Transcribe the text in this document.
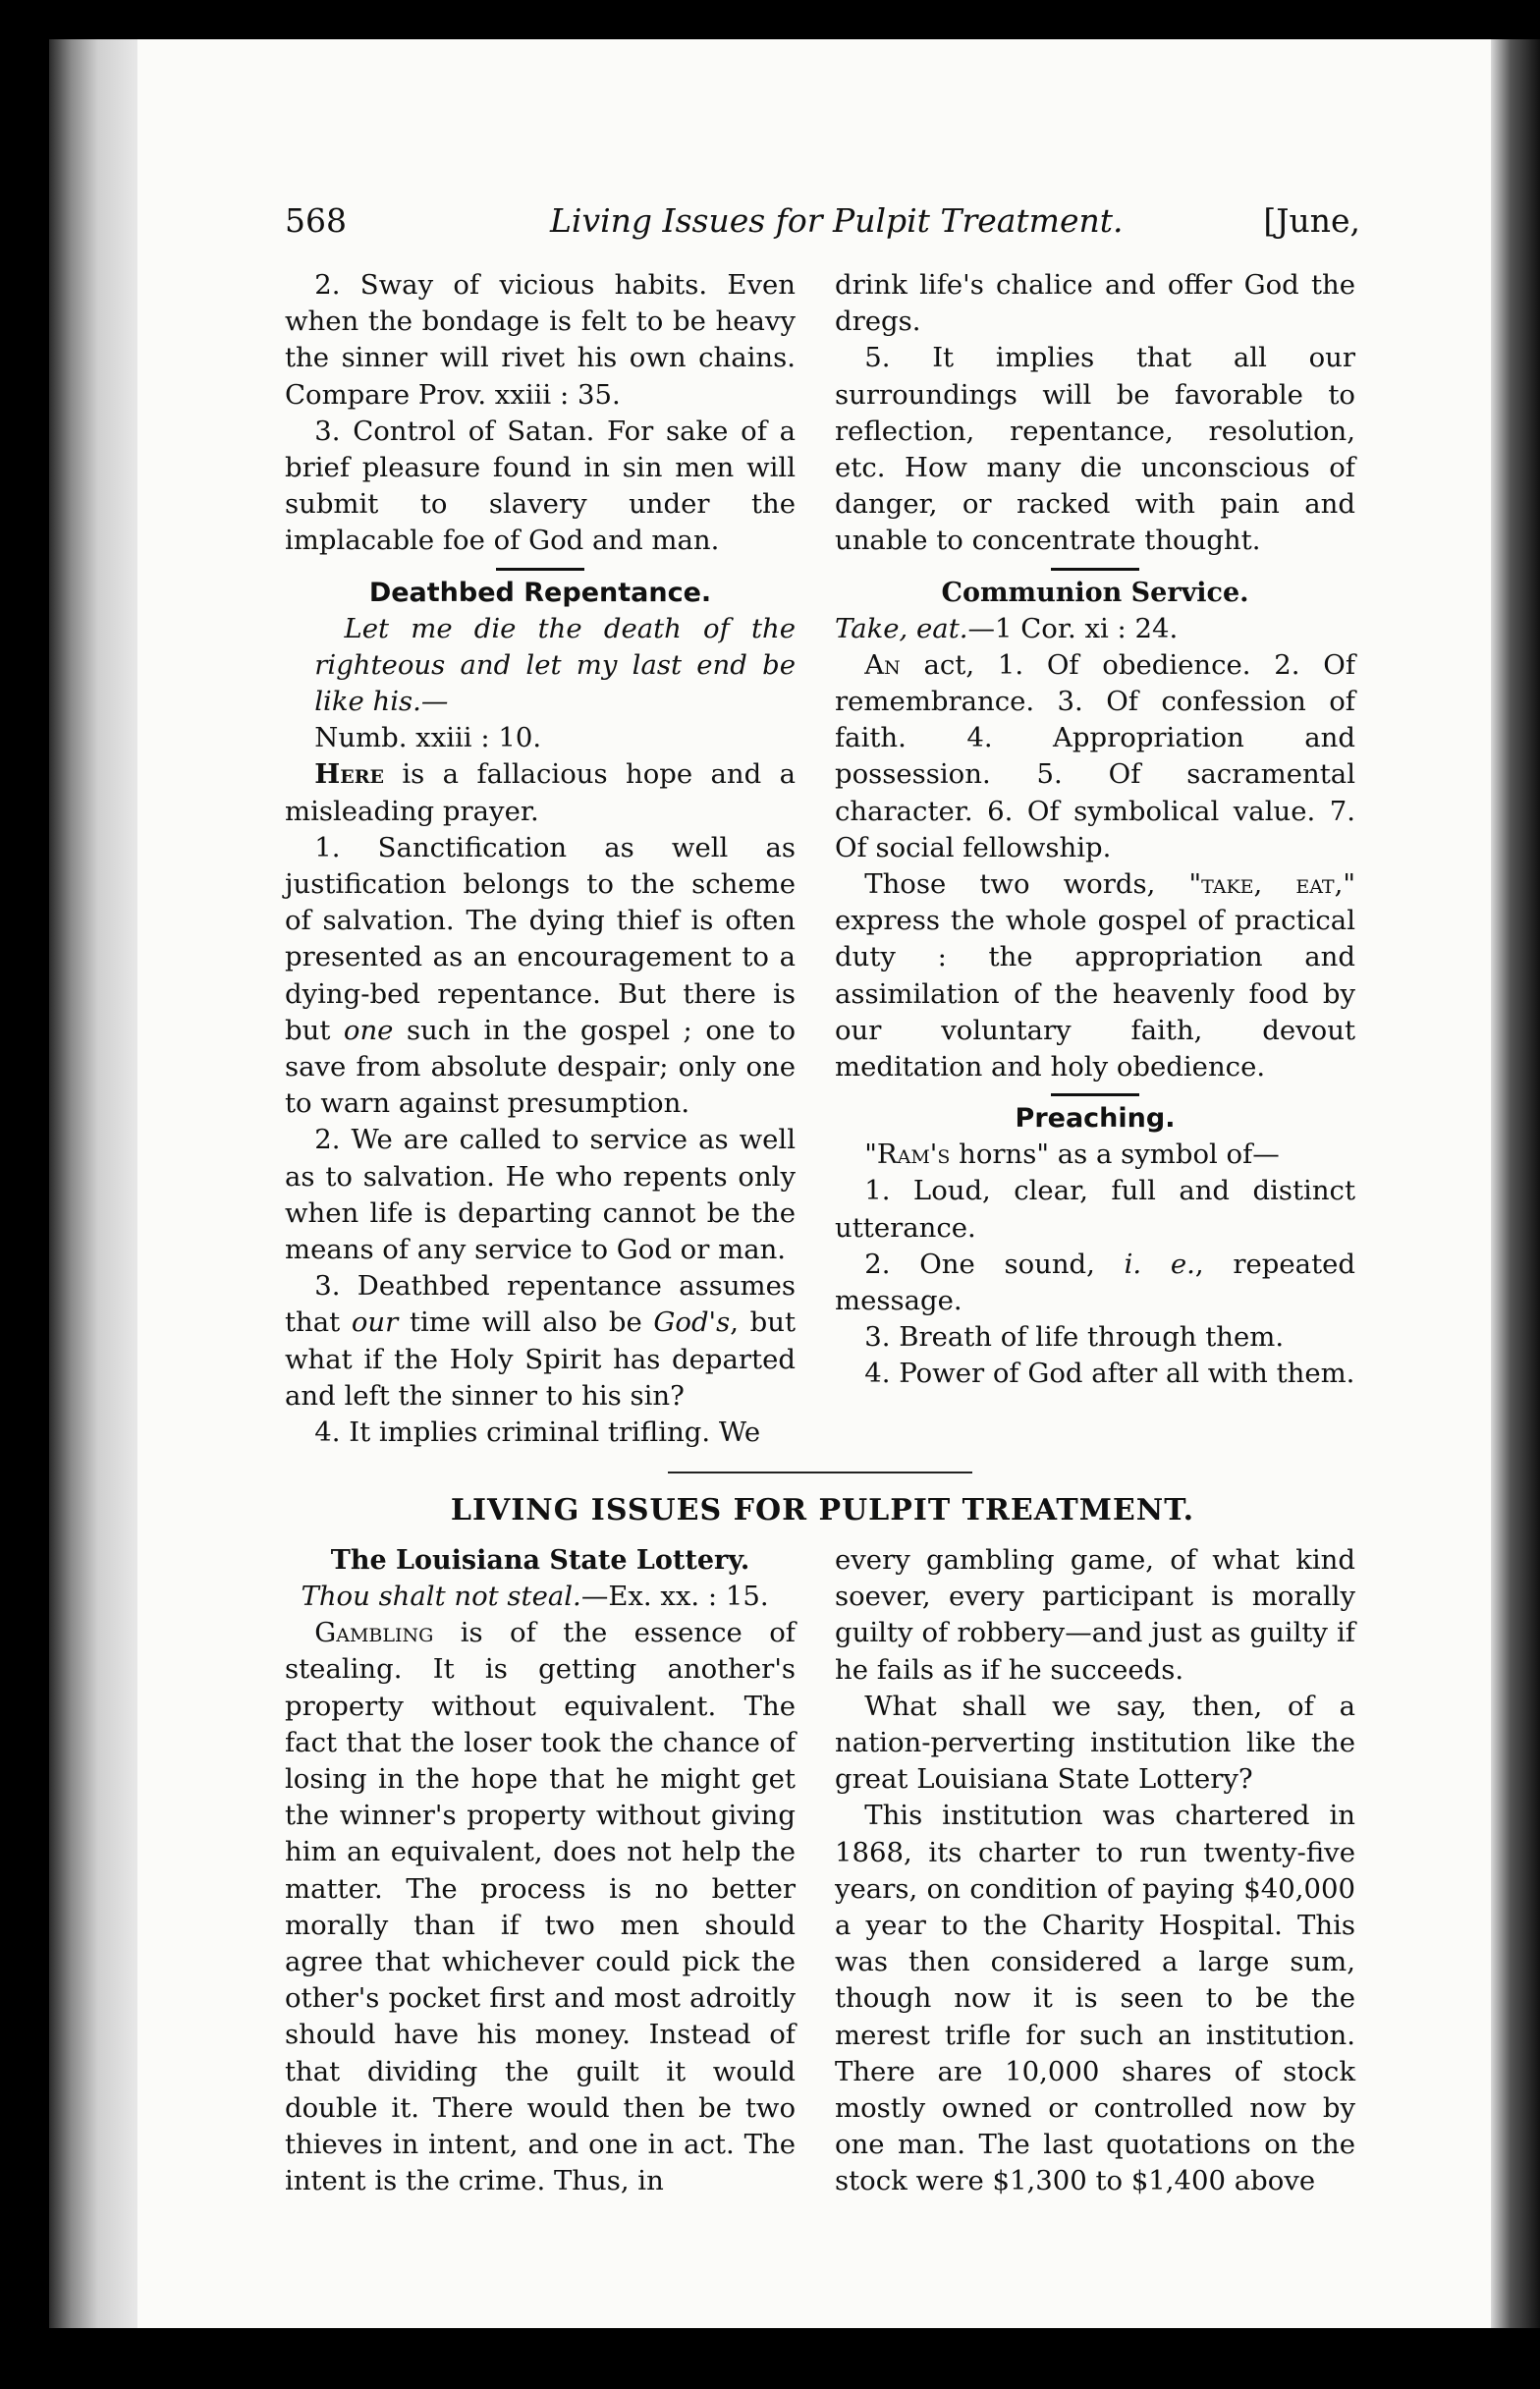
568	Living Issues for Pulpit Treatment.	[June,

2. Sway of vicious habits. Even when the bondage is felt to be heavy the sinner will rivet his own chains. Compare Prov. xxiii : 35.

3. Control of Satan. For sake of a brief pleasure found in sin men will submit to slavery under the implacable foe of God and man.

Deathbed Repentance.

Let me die the death of the righteous and let my last end be like his.—
Numb. xxiii : 10.

Here is a fallacious hope and a misleading prayer.

1. Sanctification as well as justification belongs to the scheme of salvation. The dying thief is often presented as an encouragement to a dying-bed repentance. But there is but one such in the gospel ; one to save from absolute despair; only one to warn against presumption.

2. We are called to service as well as to salvation. He who repents only when life is departing cannot be the means of any service to God or man.

3. Deathbed repentance assumes that our time will also be God's, but what if the Holy Spirit has departed and left the sinner to his sin?

4. It implies criminal trifling. We

drink life's chalice and offer God the dregs.

5. It implies that all our surroundings will be favorable to reflection, repentance, resolution, etc. How many die unconscious of danger, or racked with pain and unable to concentrate thought.

Communion Service.

Take, eat.—1 Cor. xi : 24.

An act, 1. Of obedience. 2. Of remembrance. 3. Of confession of faith. 4. Appropriation and possession. 5. Of sacramental character. 6. Of symbolical value. 7. Of social fellowship.

Those two words, "take, eat," express the whole gospel of practical duty : the appropriation and assimilation of the heavenly food by our voluntary faith, devout meditation and holy obedience.

Preaching.

"Ram's horns" as a symbol of—

1. Loud, clear, full and distinct utterance.

2. One sound, i. e., repeated message.

3. Breath of life through them.

4. Power of God after all with them.

LIVING ISSUES FOR PULPIT TREATMENT.
The Louisiana State Lottery.

Thou shalt not steal.—Ex. xx. : 15.

Gambling is of the essence of stealing. It is getting another's property without equivalent. The fact that the loser took the chance of losing in the hope that he might get the winner's property without giving him an equivalent, does not help the matter. The process is no better morally than if two men should agree that whichever could pick the other's pocket first and most adroitly should have his money. Instead of that dividing the guilt it would double it. There would then be two thieves in intent, and one in act. The intent is the crime. Thus, in

every gambling game, of what kind soever, every participant is morally guilty of robbery—and just as guilty if he fails as if he succeeds.

What shall we say, then, of a nation-perverting institution like the great Louisiana State Lottery?

This institution was chartered in 1868, its charter to run twenty-five years, on condition of paying $40,000 a year to the Charity Hospital. This was then considered a large sum, though now it is seen to be the merest trifle for such an institution. There are 10,000 shares of stock mostly owned or controlled now by one man. The last quotations on the stock were $1,300 to $1,400 above
